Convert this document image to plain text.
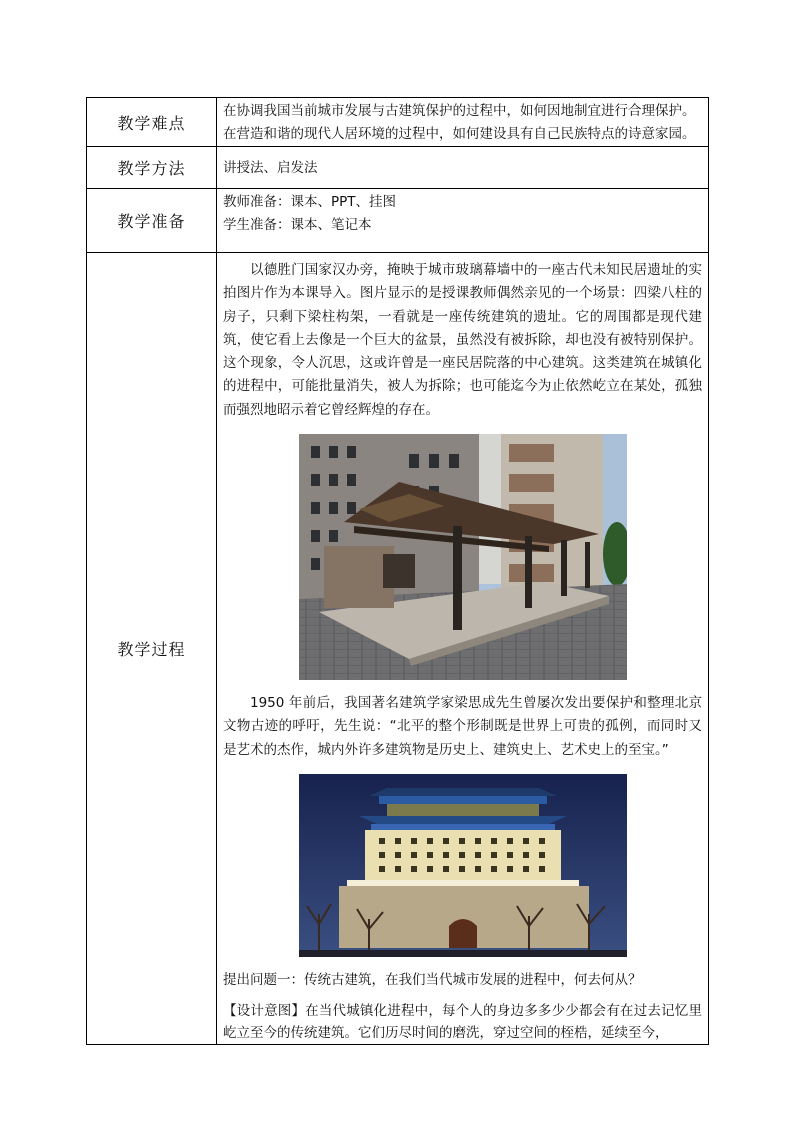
教学难点	在协调我国当前城市发展与古建筑保护的过程中，如何因地制宜进行合理保护。
在营造和谐的现代人居环境的过程中，如何建设具有自己民族特点的诗意家园。

教学方法	讲授法、启发法

教学准备	教师准备：课本、PPT、挂图
学生准备：课本、笔记本

教学过程	以德胜门国家汉办旁，掩映于城市玻璃幕墙中的一座古代未知民居遗址的实拍图片作为本课导入。图片显示的是授课教师偶然亲见的一个场景：四梁八柱的房子，只剩下梁柱构架，一看就是一座传统建筑的遗址。它的周围都是现代建筑，使它看上去像是一个巨大的盆景，虽然没有被拆除，却也没有被特别保护。这个现象，令人沉思，这或许曾是一座民居院落的中心建筑。这类建筑在城镇化的进程中，可能批量消失，被人为拆除；也可能迄今为止依然屹立在某处，孤独而强烈地昭示着它曾经辉煌的存在。

1950 年前后，我国著名建筑学家梁思成先生曾屡次发出要保护和整理北京文物古迹的呼吁，先生说：“北平的整个形制既是世界上可贵的孤例，而同时又是艺术的杰作，城内外许多建筑物是历史上、建筑史上、艺术史上的至宝。”

提出问题一：传统古建筑，在我们当代城市发展的进程中，何去何从？

【设计意图】在当代城镇化进程中，每个人的身边多多少少都会有在过去记忆里屹立至今的传统建筑。它们历尽时间的磨洗，穿过空间的桎梏，延续至今，
